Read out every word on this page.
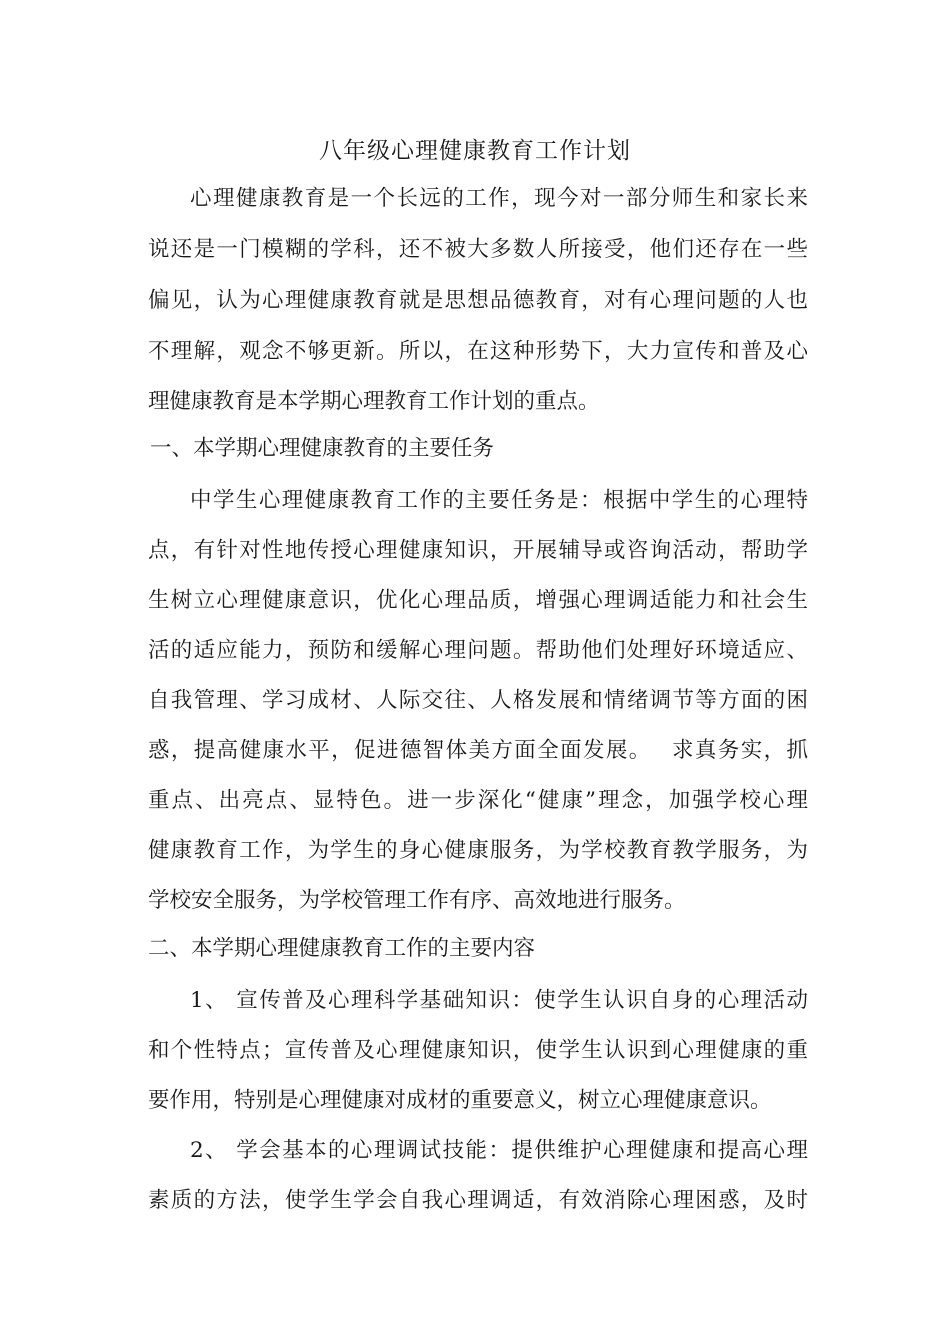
八年级心理健康教育工作计划
心理健康教育是一个长远的工作，现今对一部分师生和家长来
说还是一门模糊的学科，还不被大多数人所接受，他们还存在一些
偏见，认为心理健康教育就是思想品德教育，对有心理问题的人也
不理解，观念不够更新。所以，在这种形势下，大力宣传和普及心
理健康教育是本学期心理教育工作计划的重点。
一、本学期心理健康教育的主要任务
中学生心理健康教育工作的主要任务是：根据中学生的心理特
点，有针对性地传授心理健康知识，开展辅导或咨询活动，帮助学
生树立心理健康意识，优化心理品质，增强心理调适能力和社会生
活的适应能力，预防和缓解心理问题。帮助他们处理好环境适应、
自我管理、学习成材、人际交往、人格发展和情绪调节等方面的困
惑，提高健康水平，促进德智体美方面全面发展。　 求真务实，抓
重点、出亮点、显特色。进一步深化“健康”理念，加强学校心理
健康教育工作，为学生的身心健康服务，为学校教育教学服务，为
学校安全服务，为学校管理工作有序、高效地进行服务。
二、本学期心理健康教育工作的主要内容
1、 宣传普及心理科学基础知识：使学生认识自身的心理活动
和个性特点；宣传普及心理健康知识，使学生认识到心理健康的重
要作用，特别是心理健康对成材的重要意义，树立心理健康意识。
2、 学会基本的心理调试技能：提供维护心理健康和提高心理
素质的方法，使学生学会自我心理调适，有效消除心理困惑，及时
